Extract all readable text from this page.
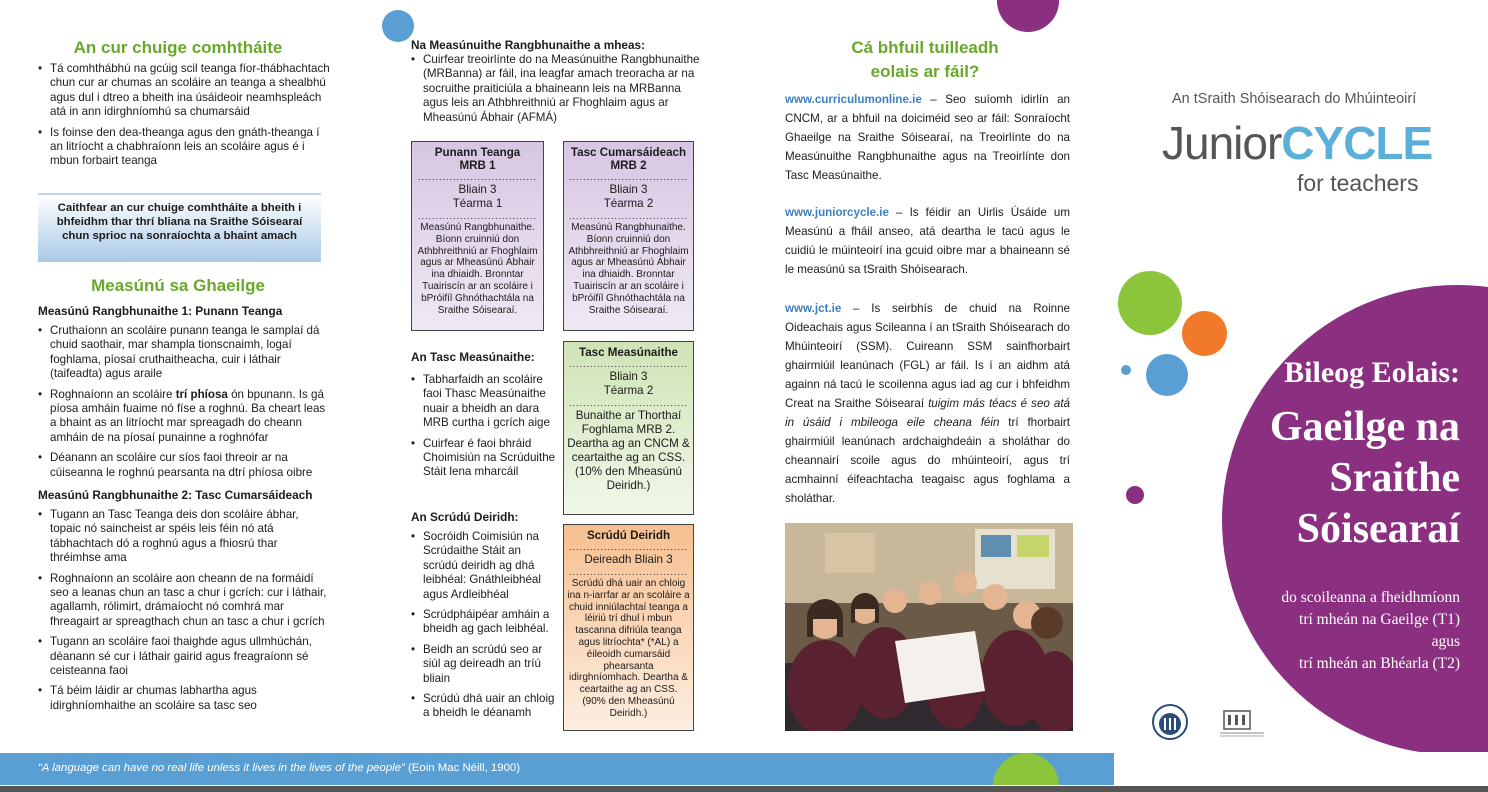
An cur chuige comhtháite
• Tá comhthábhú na gcúig scil teanga fíor-thábhachtach chun cur ar chumas an scoláire an teanga a shealbhú agus dul i dtreo a bheith ina úsáideoir neamhspleách atá in ann idirghníomhú sa chumarsáid
• Is foinse den dea-theanga agus den gnáth-theanga í an litríocht a chabhraíonn leis an scoláire agus é i mbun forbairt teanga
Caithfear an cur chuige comhtháite a bheith i bhfeidhm thar thrí bliana na Sraithe Sóisearaí chun sprioc na sonraíochta a bhaint amach
Measúnú sa Ghaeilge
Measúnú Rangbhunaithe 1: Punann Teanga
• Cruthaíonn an scoláire punann teanga le samplaí dá chuid saothair, mar shampla tionscnaimh, logaí foghlama, píosaí cruthaitheacha, cuir i láthair (taifeadta) agus araile
• Roghnaíonn an scoláire trí phíosa ón bpunann. Is gá píosa amháin fuaime nó físe a roghnú. Ba cheart leas a bhaint as an litríocht mar spreagadh do cheann amháin de na píosaí punainne a roghnófar
• Déanann an scoláire cur síos faoi threoir ar na cúiseanna le roghnú pearsanta na dtrí phíosa oibre
Measúnú Rangbhunaithe 2: Tasc Cumarsáideach
• Tugann an Tasc Teanga deis don scoláire ábhar, topaic nó saincheist ar spéis leis féin nó atá tábhachtach dó a roghnú agus a fhiosrú thar thréimhse ama
• Roghnaíonn an scoláire aon cheann de na formáidí seo a leanas chun an tasc a chur i gcrích: cur i láthair, agallamh, rólimirt, drámaíocht nó comhrá mar fhreagairt ar spreagthach chun an tasc a chur i gcrích
• Tugann an scoláire faoi thaighde agus ullmhúchán, déanann sé cur i láthair gairid agus freagraíonn sé ceisteanna faoi
• Tá béim láidir ar chumas labhartha agus idirghníomhaithe an scoláire sa tasc seo
Na Measúnuithe Rangbhunaithe a mheas:
• Cuirfear treoirlínte do na Measúnuithe Rangbhunaithe (MRBanna) ar fáil, ina leagfar amach treoracha ar na socruithe praiticiúla a bhaineann leis na MRBanna agus leis an Athbhreithniú ar Fhoghlaim agus ar Mheasúnú Ábhair (AFMÁ)
Punann Teanga
MRB 1
..................................
Bliain 3
Téarma 1
..................................
Measúnú Rangbhunaithe. Bíonn cruinniú don Athbhreithniú ar Fhoghlaim agus ar Mheasúnú Ábhair ina dhiaidh. Bronntar Tuairiscín ar an scoláire i bPróifíl Ghnóthachtála na Sraithe Sóisearaí.
Tasc Cumarsáideach
MRB 2
..................................
Bliain 3
Téarma 2
..................................
Measúnú Rangbhunaithe. Bíonn cruinniú don Athbhreithniú ar Fhoghlaim agus ar Mheasúnú Ábhair ina dhiaidh. Bronntar Tuairiscín ar an scoláire i bPróifíl Ghnóthachtála na Sraithe Sóisearaí.
An Tasc Measúnaithe:
• Tabharfaidh an scoláire faoi Thasc Measúnaithe nuair a bheidh an dara MRB curtha i gcrích aige
• Cuirfear é faoi bhráid Choimisiún na Scrúduithe Stáit lena mharcáil
Tasc Measúnaithe
..................................
Bliain 3
Téarma 2
..................................
Bunaithe ar Thorthaí Foghlama MRB 2. Deartha ag an CNCM & ceartaithe ag an CSS. (10% den Mheasúnú Deiridh.)
An Scrúdú Deiridh:
• Socróidh Coimisiún na Scrúdaithe Stáit an scrúdú deiridh ag dhá leibhéal: Gnáthleibhéal agus Ardleibhéal
• Scrúdpháipéar amháin a bheidh ag gach leibhéal.
• Beidh an scrúdú seo ar siúl ag deireadh an tríú bliain
• Scrúdú dhá uair an chloig a bheidh le déanamh
Scrúdú Deiridh
..................................
Deireadh Bliain 3
..................................
Scrúdú dhá uair an chloig ina n-iarrfar ar an scoláire a chuid inniúlachtaí teanga a léiriú trí dhul i mbun tascanna difriúla teanga agus litríochta* (*AL) a éileoidh cumarsáid phearsanta idirghníomhach. Deartha & ceartaithe ag an CSS. (90% den Mheasúnú Deiridh.)
Cá bhfuil tuilleadh eolais ar fáil?

www.curriculumonline.ie – Seo suíomh idirlín an CNCM, ar a bhfuil na doiciméid seo ar fáil: Sonraíocht Ghaeilge na Sraithe Sóisearaí, na Treoirlínte do na Measúnuithe Rangbhunaithe agus na Treoirlínte don Tasc Measúnaithe.

www.juniorcycle.ie – Is féidir an Uirlis Úsáide um Measúnú a fháil anseo, atá deartha le tacú agus le cuidiú le múinteoirí ina gcuid oibre mar a bhaineann sé le measúnú sa tSraith Shóisearach.

www.jct.ie – Is seirbhís de chuid na Roinne Oideachais agus Scileanna í an tSraith Shóisearach do Mhúinteoirí (SSM). Cuireann SSM sainfhorbairt ghairmiúil leanúnach (FGL) ar fáil. Is í an aidhm atá againn ná tacú le scoilenna agus iad ag cur i bhfeidhm Creat na Sraithe Sóisearaí tuigim más téacs é seo atá in úsáid i mbileoga eile cheana féin trí fhorbairt ghairmiúil leanúnach ardchaighdeáin a sholáthar do cheannairí scoile agus do mhúinteoirí, agus trí acmhainní éifeachtacha teagaisc agus foghlama a sholáthar.

An tSraith Shóisearach do Mhúinteoirí
JuniorCYCLE
for teachers
Bileog Eolais:
Gaeilge na
Sraithe
Sóisearaí
do scoileanna a fheidhmíonn
trí mheán na Gaeilge (T1)
agus
trí mheán an Bhéarla (T2)
“A language can have no real life unless it lives in the lives of the people” (Eoin Mac Néill, 1900)
